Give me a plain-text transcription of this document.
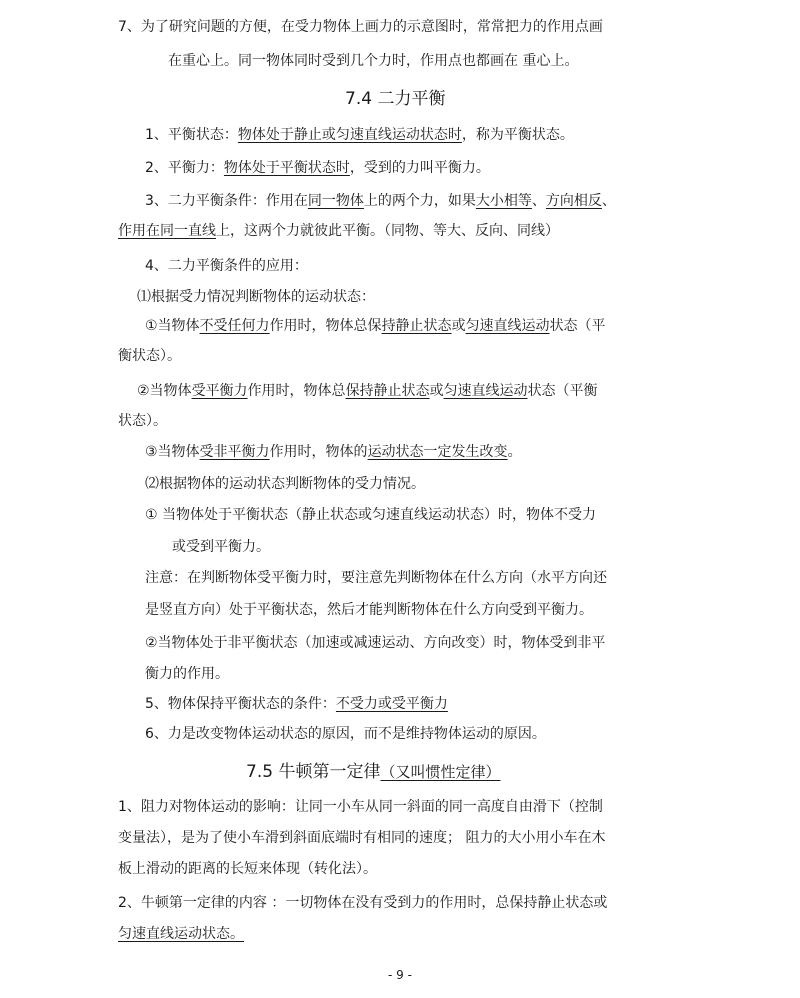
7、为了研究问题的方便，在受力物体上画力的示意图时，常常把力的作用点画
在重心上。同一物体同时受到几个力时，作用点也都画在 重心上。
7.4 二力平衡
1、平衡状态：物体处于静止或匀速直线运动状态时，称为平衡状态。
2、平衡力：物体处于平衡状态时，受到的力叫平衡力。
3、二力平衡条件：作用在同一物体上的两个力，如果大小相等、方向相反、
作用在同一直线上，这两个力就彼此平衡。（同物、等大、反向、同线）
4、二力平衡条件的应用：
⑴根据受力情况判断物体的运动状态：
①当物体不受任何力作用时，物体总保持静止状态或匀速直线运动状态（平
衡状态）。
②当物体受平衡力作用时，物体总保持静止状态或匀速直线运动状态（平衡
状态）。
③当物体受非平衡力作用时，物体的运动状态一定发生改变。
⑵根据物体的运动状态判断物体的受力情况。
① 当物体处于平衡状态（静止状态或匀速直线运动状态）时，物体不受力
或受到平衡力。
注意：在判断物体受平衡力时，要注意先判断物体在什么方向（水平方向还
是竖直方向）处于平衡状态，然后才能判断物体在什么方向受到平衡力。
②当物体处于非平衡状态（加速或减速运动、方向改变）时，物体受到非平
衡力的作用。
5、物体保持平衡状态的条件：不受力或受平衡力
6、力是改变物体运动状态的原因，而不是维持物体运动的原因。
7.5 牛顿第一定律（又叫惯性定律）
1、阻力对物体运动的影响：让同一小车从同一斜面的同一高度自由滑下（控制
变量法），是为了使小车滑到斜面底端时有相同的速度； 阻力的大小用小车在木
板上滑动的距离的长短来体现（转化法）。
2、牛顿第一定律的内容 ：一切物体在没有受到力的作用时，总保持静止状态或
匀速直线运动状态。
- 9 -
